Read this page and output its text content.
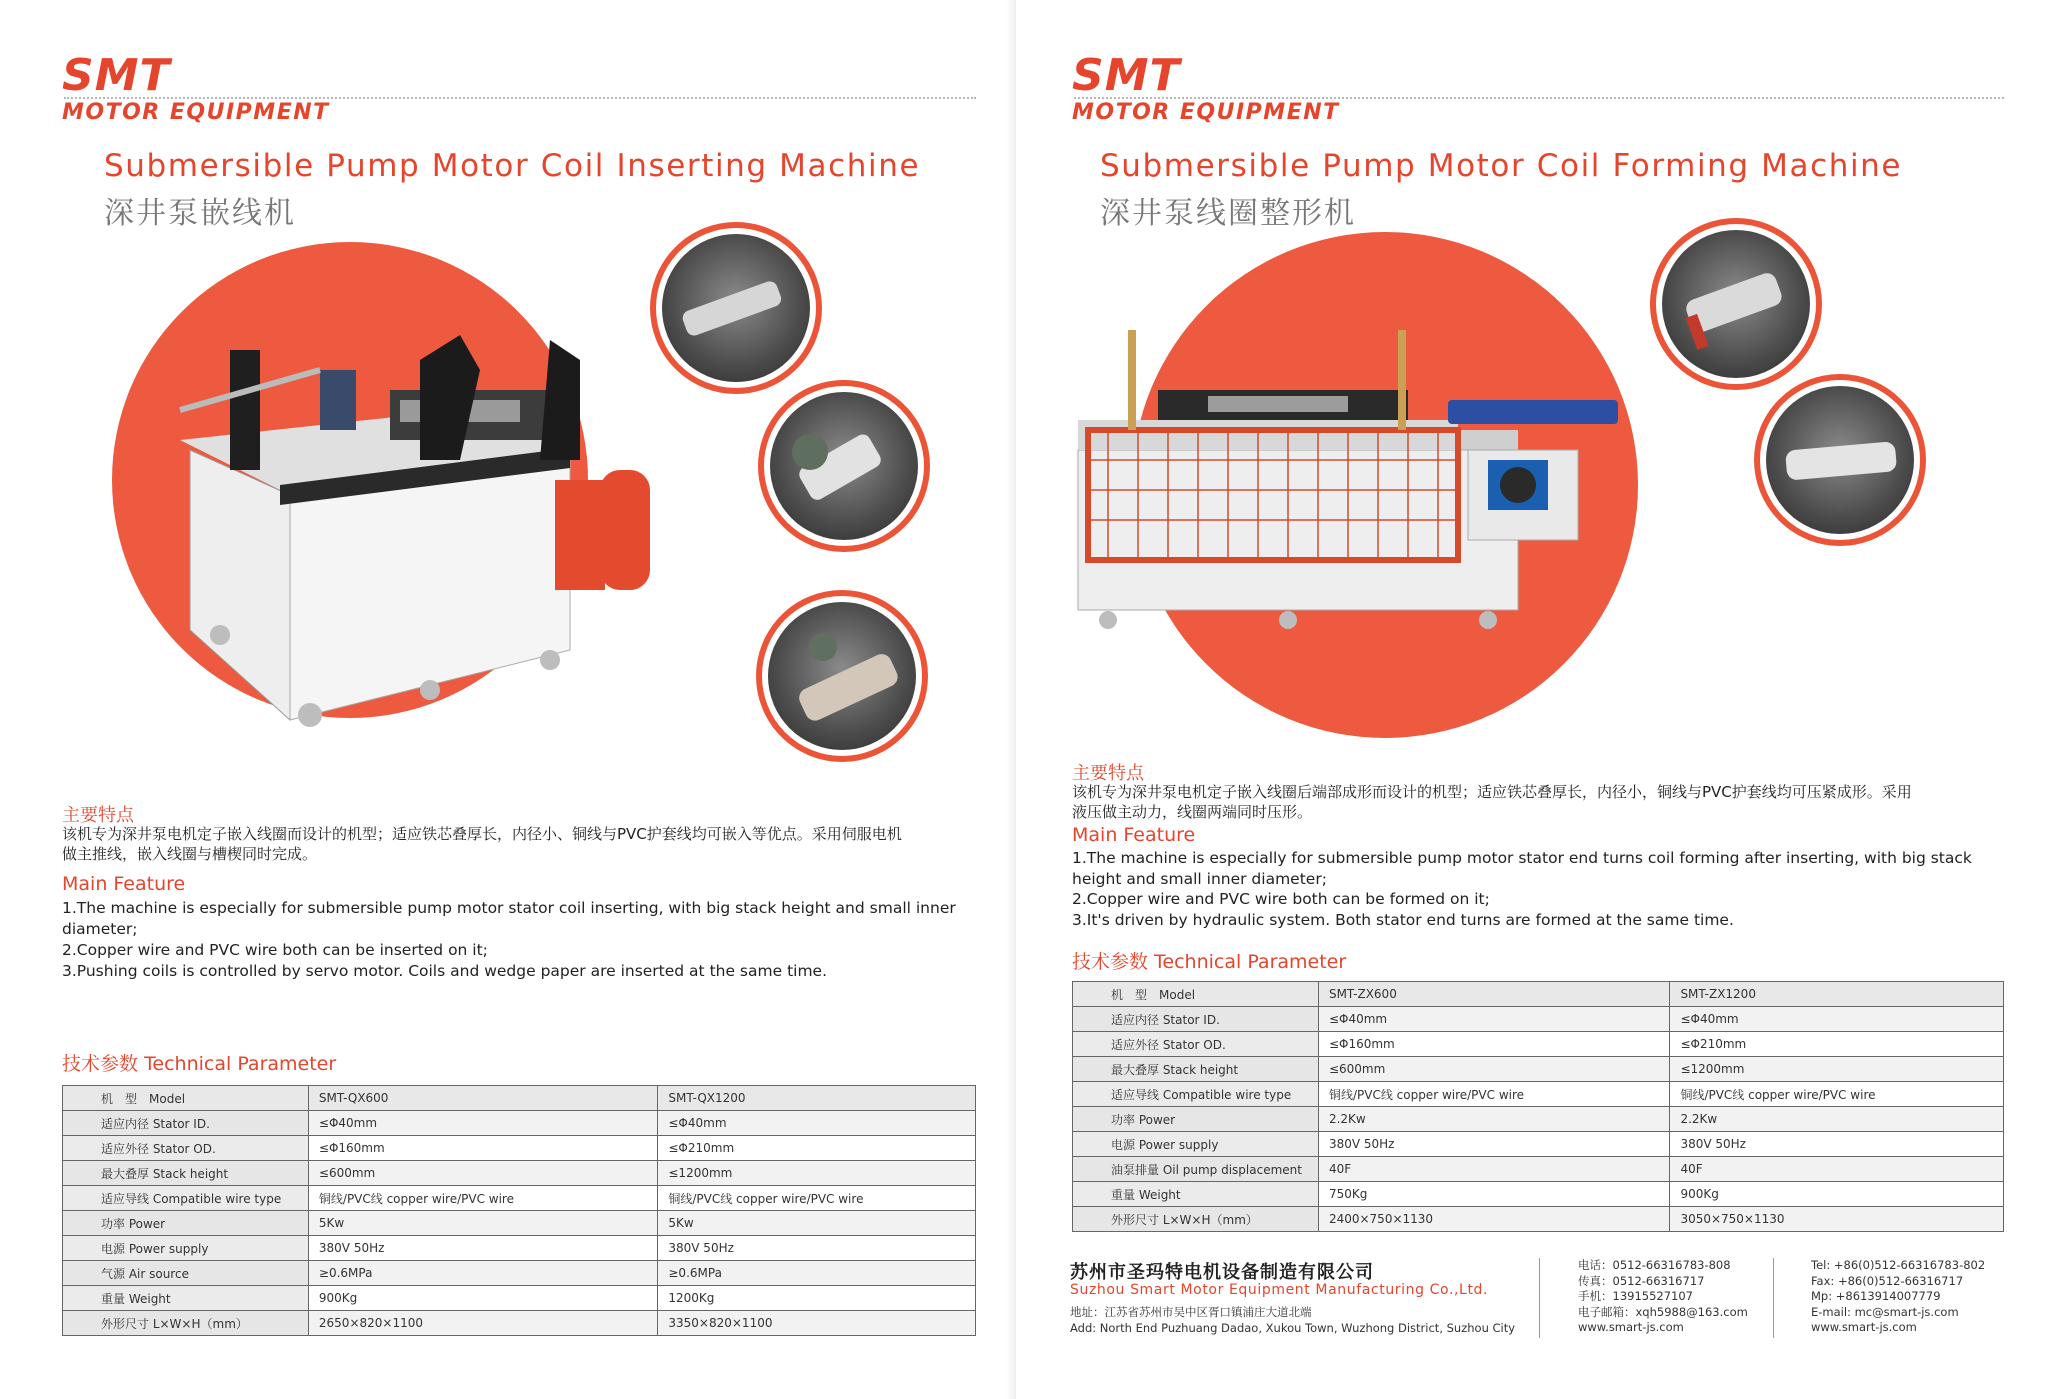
SMT
MOTOR EQUIPMENT
Submersible Pump Motor Coil Inserting Machine
深井泵嵌线机
主要特点

该机专为深井泵电机定子嵌入线圈而设计的机型；适应铁芯叠厚长，内径小、铜线与PVC护套线均可嵌入等优点。采用伺服电机

做主推线，嵌入线圈与槽楔同时完成。

Main Feature

1.The machine is especially for submersible pump motor stator coil inserting, with big stack height and small inner

diameter;

2.Copper wire and PVC wire both can be inserted on it;

3.Pushing coils is controlled by servo motor. Coils and wedge paper are inserted at the same time.

技术参数 Technical Parameter
机　型　Model	SMT-QX600	SMT-QX1200
适应内径 Stator ID.	≤Φ40mm	≤Φ40mm
适应外径 Stator OD.	≤Φ160mm	≤Φ210mm
最大叠厚 Stack height	≤600mm	≤1200mm
适应导线 Compatible wire type	铜线/PVC线 copper wire/PVC wire	铜线/PVC线 copper wire/PVC wire
功率 Power	5Kw	5Kw
电源 Power supply	380V 50Hz	380V 50Hz
气源 Air source	≥0.6MPa	≥0.6MPa
重量 Weight	900Kg	1200Kg
外形尺寸 L×W×H（mm）	2650×820×1100	3350×820×1100
SMT
MOTOR EQUIPMENT
Submersible Pump Motor Coil Forming Machine
深井泵线圈整形机
主要特点

该机专为深井泵电机定子嵌入线圈后端部成形而设计的机型；适应铁芯叠厚长，内径小，铜线与PVC护套线均可压紧成形。采用

液压做主动力，线圈两端同时压形。

Main Feature

1.The machine is especially for submersible pump motor stator end turns coil forming after inserting, with big stack

height and small inner diameter;

2.Copper wire and PVC wire both can be formed on it;

3.It's driven by hydraulic system. Both stator end turns are formed at the same time.

技术参数 Technical Parameter
机　型　Model	SMT-ZX600	SMT-ZX1200
适应内径 Stator ID.	≤Φ40mm	≤Φ40mm
适应外径 Stator OD.	≤Φ160mm	≤Φ210mm
最大叠厚 Stack height	≤600mm	≤1200mm
适应导线 Compatible wire type	铜线/PVC线 copper wire/PVC wire	铜线/PVC线 copper wire/PVC wire
功率 Power	2.2Kw	2.2Kw
电源 Power supply	380V 50Hz	380V 50Hz
油泵排量 Oil pump displacement	40F	40F
重量 Weight	750Kg	900Kg
外形尺寸 L×W×H（mm）	2400×750×1130	3050×750×1130
苏州市圣玛特电机设备制造有限公司
Suzhou Smart Motor Equipment Manufacturing Co.,Ltd.
地址：江苏省苏州市吴中区胥口镇浦庄大道北端
Add: North End Puzhuang Dadao, Xukou Town, Wuzhong District, Suzhou City
电话：0512-66316783-808
传真：0512-66316717
手机：13915527107
电子邮箱：xqh5988@163.com
www.smart-js.com
Tel: +86(0)512-66316783-802
Fax: +86(0)512-66316717
Mp: +8613914007779
E-mail: mc@smart-js.com
www.smart-js.com
